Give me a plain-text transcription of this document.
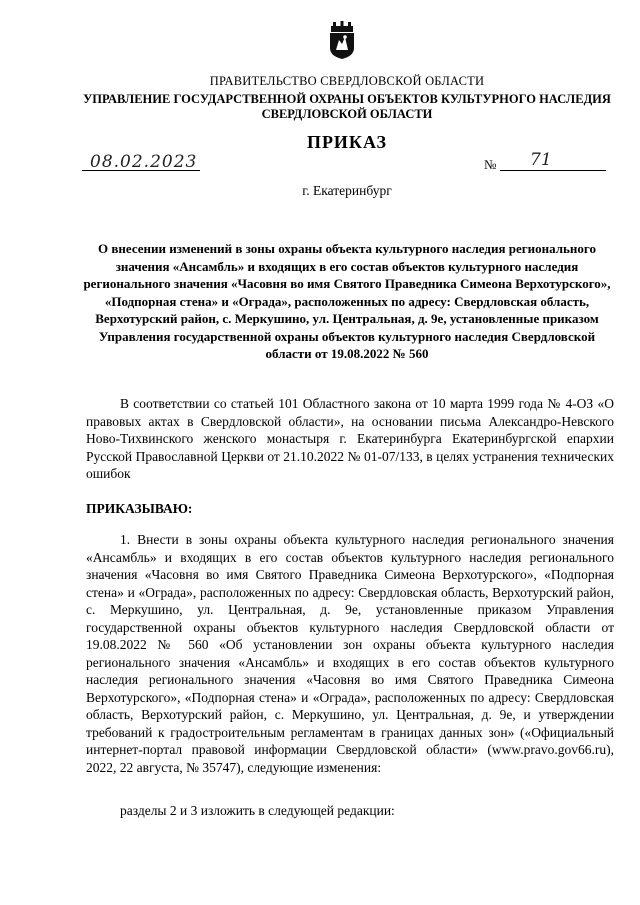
ПРАВИТЕЛЬСТВО СВЕРДЛОВСКОЙ ОБЛАСТИ
УПРАВЛЕНИЕ ГОСУДАРСТВЕННОЙ ОХРАНЫ ОБЪЕКТОВ КУЛЬТУРНОГО НАСЛЕДИЯ СВЕРДЛОВСКОЙ ОБЛАСТИ
ПРИКАЗ
08.02.2023	№ 71
г. Екатеринбург
О внесении изменений в зоны охраны объекта культурного наследия регионального значения «Ансамбль» и входящих в его состав объектов культурного наследия регионального значения «Часовня во имя Святого Праведника Симеона Верхотурского», «Подпорная стена» и «Ограда», расположенных по адресу: Свердловская область, Верхотурский район, с. Меркушино, ул. Центральная, д. 9е, установленные приказом Управления государственной охраны объектов культурного наследия Свердловской области от 19.08.2022 № 560
В соответствии со статьей 101 Областного закона от 10 марта 1999 года № 4-ОЗ «О правовых актах в Свердловской области», на основании письма Александро-Невского Ново-Тихвинского женского монастыря г. Екатеринбурга Екатеринбургской епархии Русской Православной Церкви от 21.10.2022 № 01-07/133, в целях устранения технических ошибок
ПРИКАЗЫВАЮ:
1. Внести в зоны охраны объекта культурного наследия регионального значения «Ансамбль» и входящих в его состав объектов культурного наследия регионального значения «Часовня во имя Святого Праведника Симеона Верхотурского», «Подпорная стена» и «Ограда», расположенных по адресу: Свердловская область, Верхотурский район, с. Меркушино, ул. Центральная, д. 9е, установленные приказом Управления государственной охраны объектов культурного наследия Свердловской области от 19.08.2022 № 560 «Об установлении зон охраны объекта культурного наследия регионального значения «Ансамбль» и входящих в его состав объектов культурного наследия регионального значения «Часовня во имя Святого Праведника Симеона Верхотурского», «Подпорная стена» и «Ограда», расположенных по адресу: Свердловская область, Верхотурский район, с. Меркушино, ул. Центральная, д. 9е, и утверждении требований к градостроительным регламентам в границах данных зон» («Официальный интернет-портал правовой информации Свердловской области» (www.pravo.gov66.ru), 2022, 22 августа, № 35747), следующие изменения:
разделы 2 и 3 изложить в следующей редакции:
